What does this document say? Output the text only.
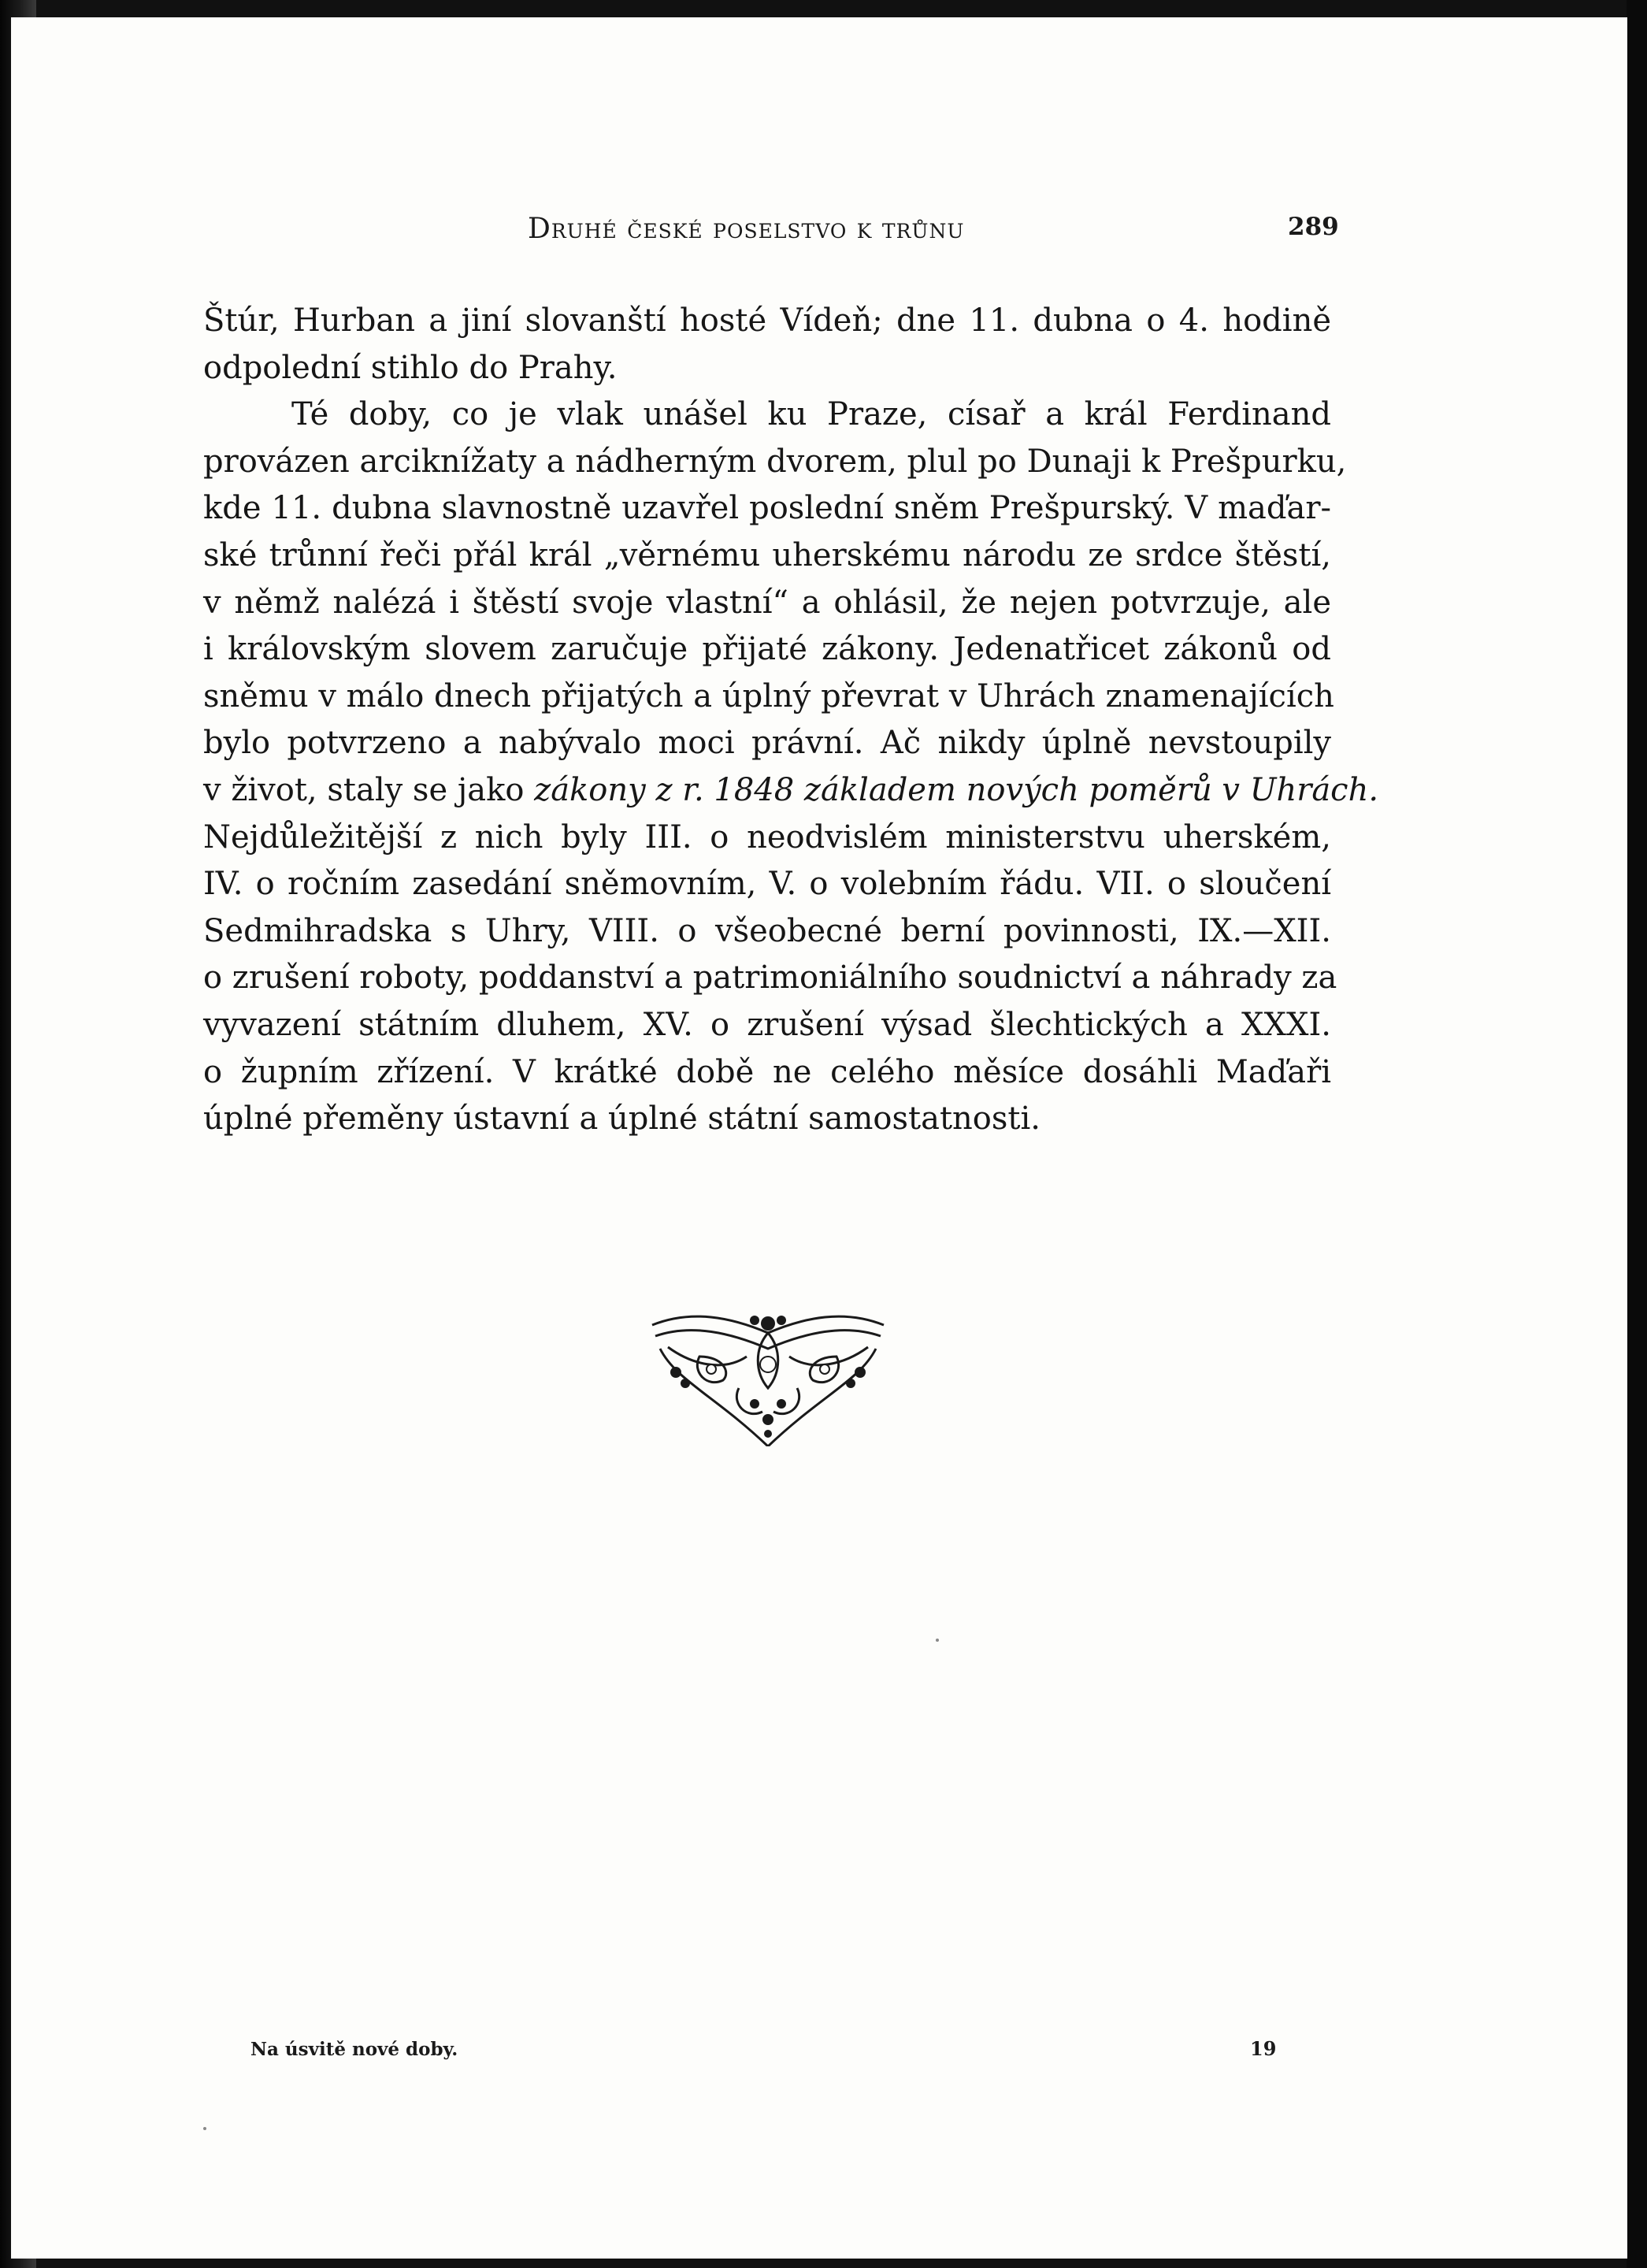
Druhé české poselstvo k trůnu	289
Štúr, Hurban a jiní slovanští hosté Vídeň; dne 11. dubna o 4. hodině
odpolední stihlo do Prahy.
Té doby, co je vlak unášel ku Praze, císař a král Ferdinand
provázen arciknížaty a nádherným dvorem, plul po Dunaji k Prešpurku,
kde 11. dubna slavnostně uzavřel poslední sněm Prešpurský. V maďar-
ské trůnní řeči přál král „věrnému uherskému národu ze srdce štěstí,
v němž nalézá i štěstí svoje vlastní“ a ohlásil, že nejen potvrzuje, ale
i královským slovem zaručuje přijaté zákony. Jedenatřicet zákonů od
sněmu v málo dnech přijatých a úplný převrat v Uhrách znamenajících
bylo potvrzeno a nabývalo moci právní. Ač nikdy úplně nevstoupily
v život, staly se jako zákony z r. 1848 základem nových poměrů v Uhrách.
Nejdůležitější z nich byly III. o neodvislém ministerstvu uherském,
IV. o ročním zasedání sněmovním, V. o volebním řádu. VII. o sloučení
Sedmihradska s Uhry, VIII. o všeobecné berní povinnosti, IX.—XII.
o zrušení roboty, poddanství a patrimoniálního soudnictví a náhrady za
vyvazení státním dluhem, XV. o zrušení výsad šlechtických a XXXI.
o župním zřízení. V krátké době ne celého měsíce dosáhli Maďaři
úplné přeměny ústavní a úplné státní samostatnosti.
Na úsvitě nové doby.	19
